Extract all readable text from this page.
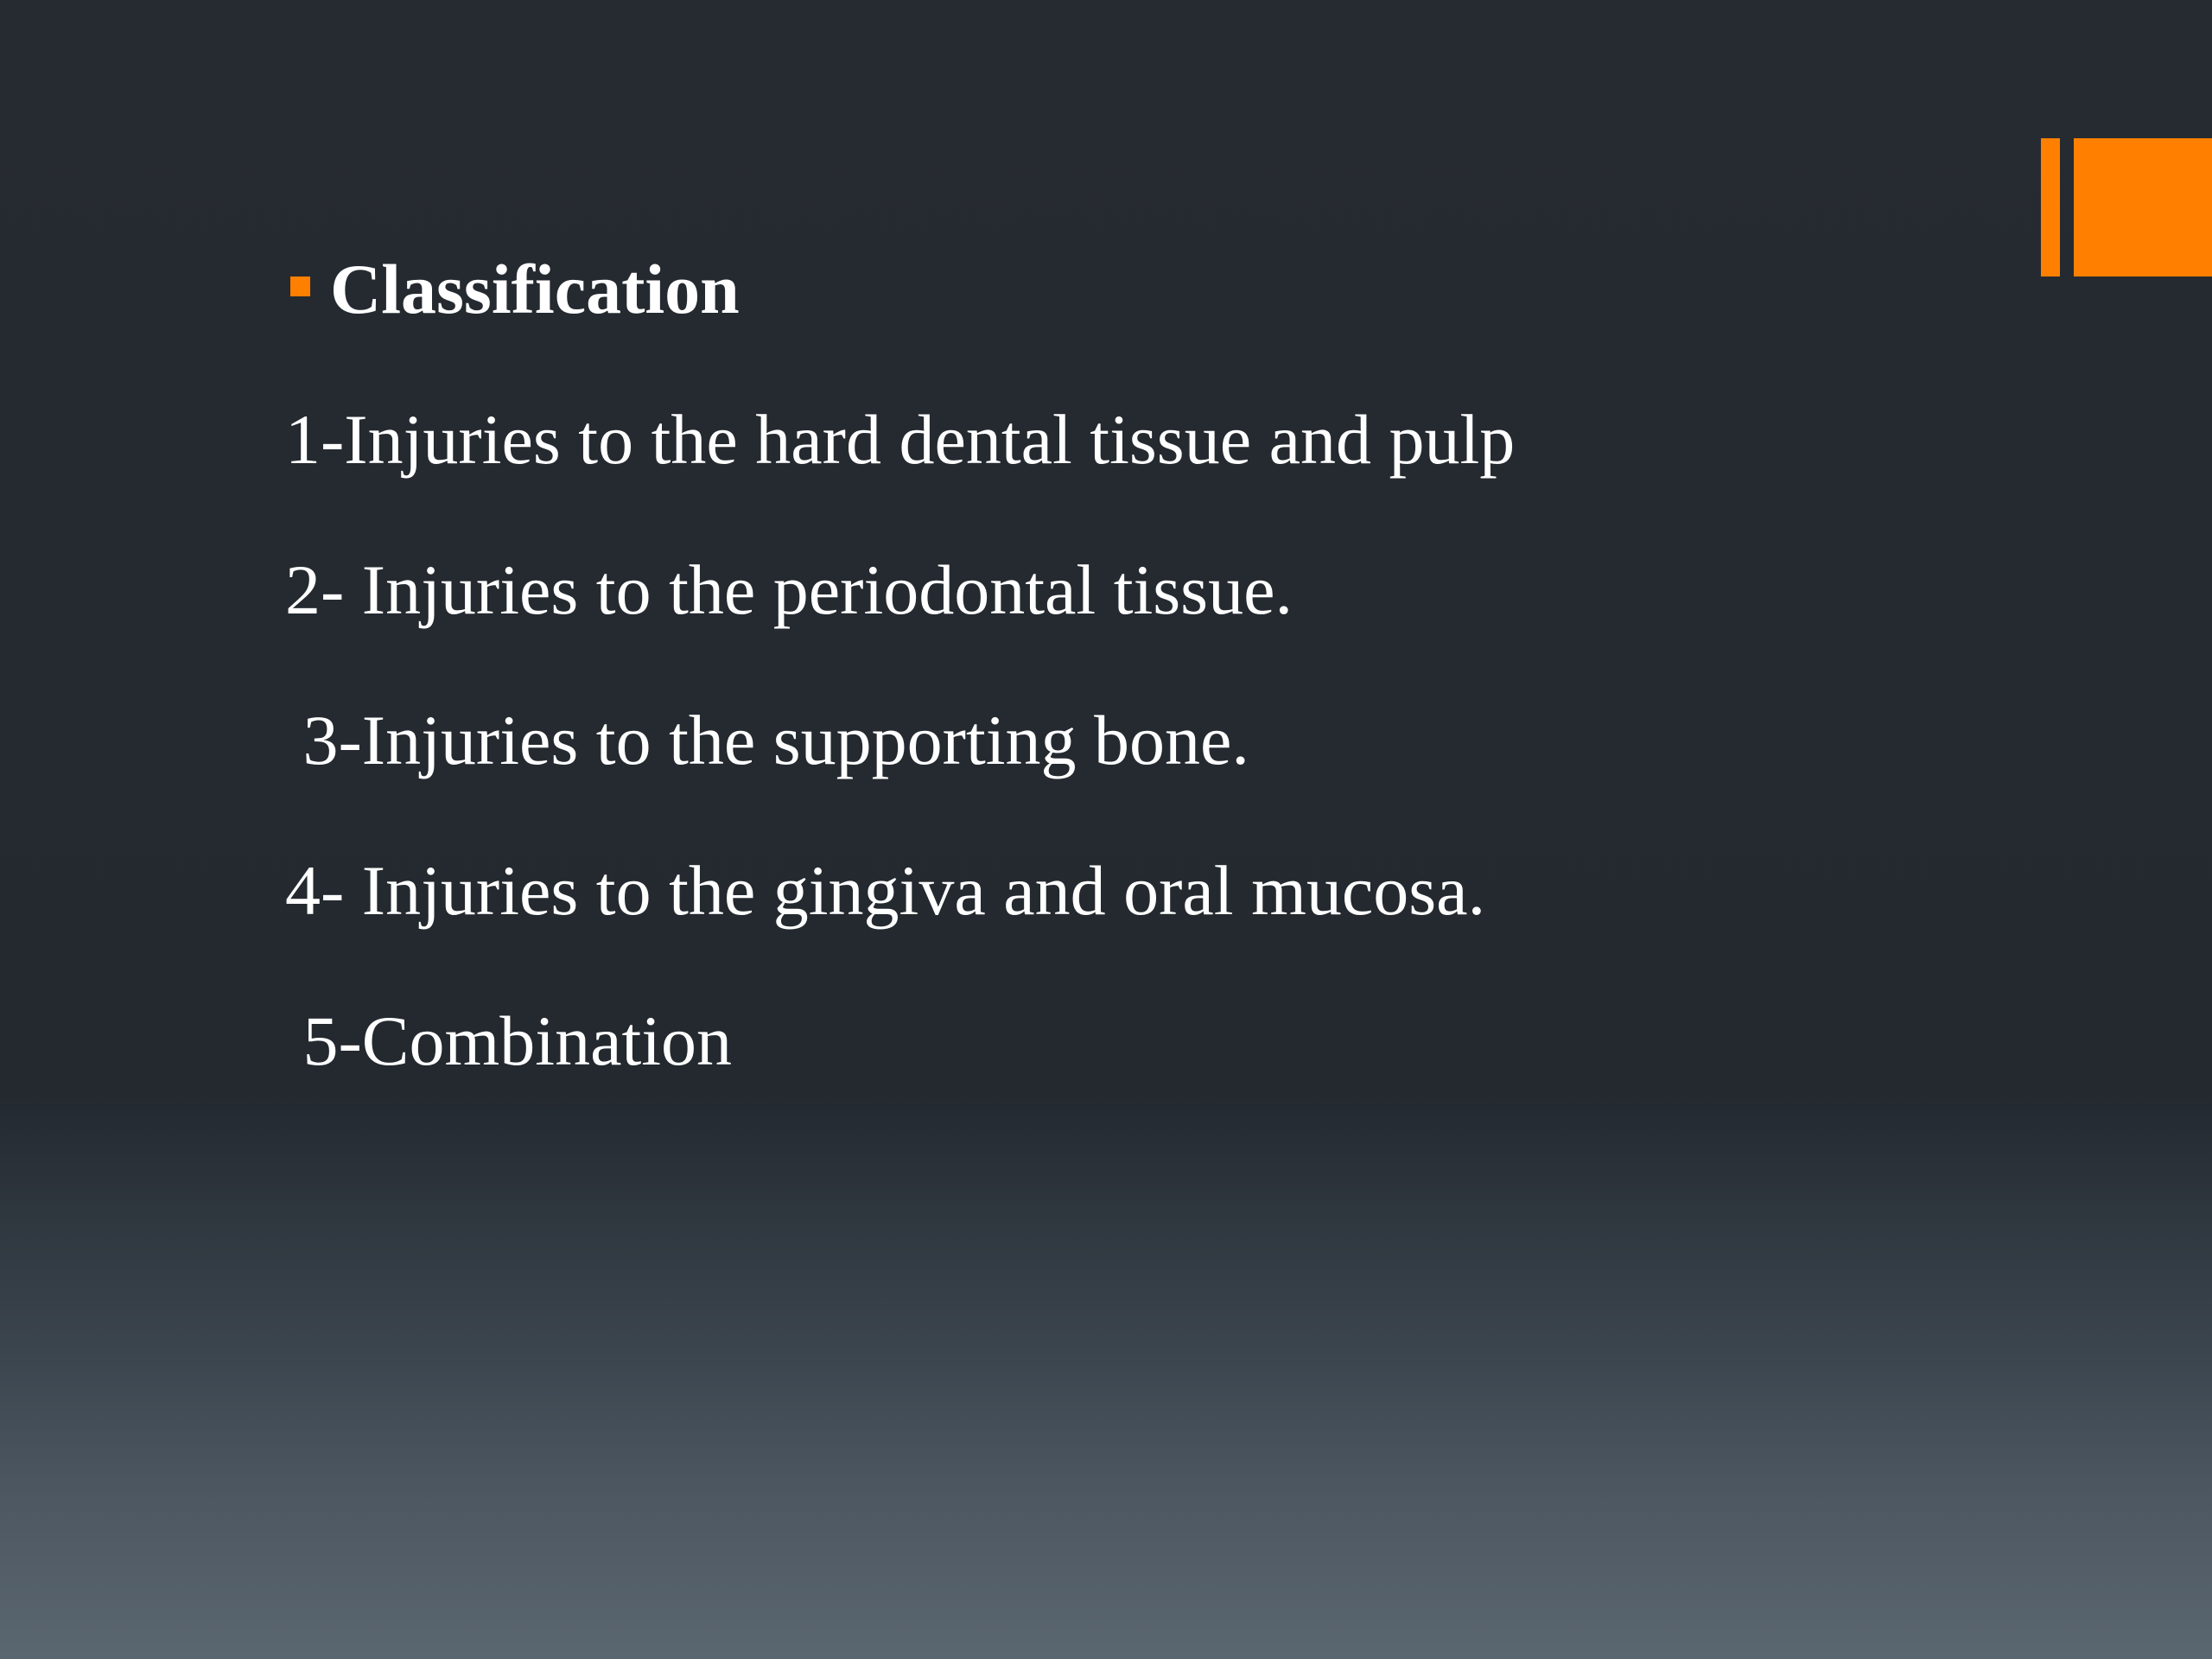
Classification
1-Injuries to the hard dental tissue and pulp
2- Injuries to the periodontal tissue.
3-Injuries to the supporting bone.
4- Injuries to the gingiva and oral mucosa.
5-Combination
